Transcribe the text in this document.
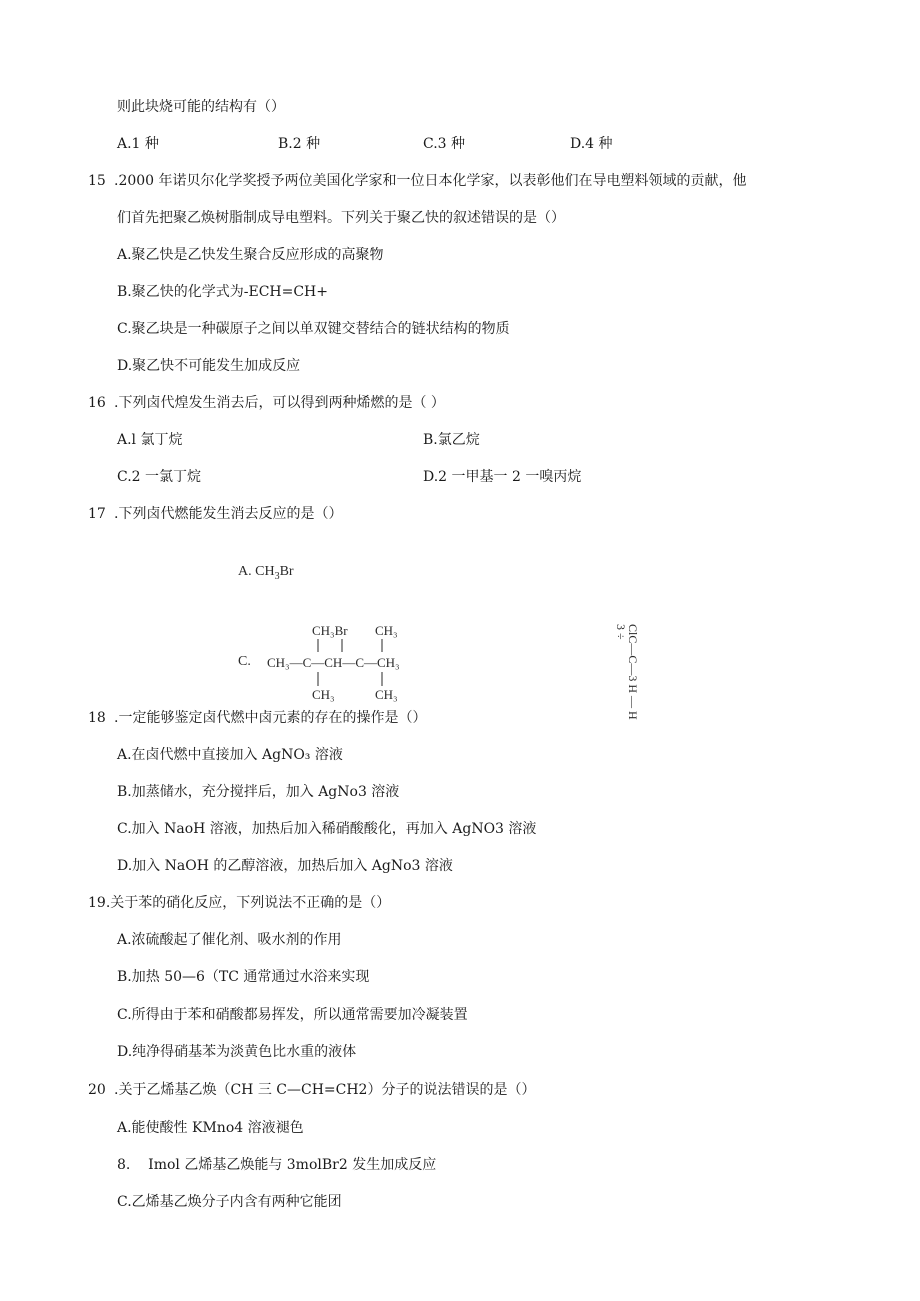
则此块烧可能的结构有（）
A.1 种	B.2 种	C.3 种	D.4 种
15 .2000 年诺贝尔化学奖授予两位美国化学家和一位日本化学家，以表彰他们在导电塑料领域的贡献，他
们首先把聚乙焕树脂制成导电塑料。下列关于聚乙快的叙述错误的是（）
A.聚乙快是乙快发生聚合反应形成的高聚物
B.聚乙快的化学式为-ECH=CH+
C.聚乙块是一种碳原子之间以单双键交替结合的链状结构的物质
D.聚乙快不可能发生加成反应
16 .下列卤代煌发生消去后，可以得到两种烯燃的是（ ）
A.l 氯丁烷	B.氯乙烷
C.2 一氯丁烷	D.2 一甲基一 2 一嗅丙烷
17 .下列卤代燃能发生消去反应的是（）
A. $CH_3Br$
C.
CH₃Br CH₃
CH₃—C—CH—C—CH₃
CH₃	CH₃	ClC—C—3 H — H
3 ÷
18 .一定能够鉴定卤代燃中卤元素的存在的操作是（）
A.在卤代燃中直接加入 AgNO₃ 溶液
B.加蒸储水，充分搅拌后，加入 AgNo3 溶液
C.加入 NaoH 溶液，加热后加入稀硝酸酸化，再加入 AgNO3 溶液
D.加入 NaOH 的乙醇溶液，加热后加入 AgNo3 溶液
19.关于苯的硝化反应，下列说法不正确的是（）
A.浓硫酸起了催化剂、吸水剂的作用
B.加热 50—6（TC 通常通过水浴来实现
C.所得由于苯和硝酸都易挥发，所以通常需要加冷凝装置
D.纯净得硝基苯为淡黄色比水重的液体
20 .关于乙烯基乙焕（CH 三 C—CH=CH2）分子的说法错误的是（）
A.能使酸性 KMno4 溶液褪色
8.    Imol 乙烯基乙焕能与 3molBr2 发生加成反应
C.乙烯基乙焕分子内含有两种它能团
